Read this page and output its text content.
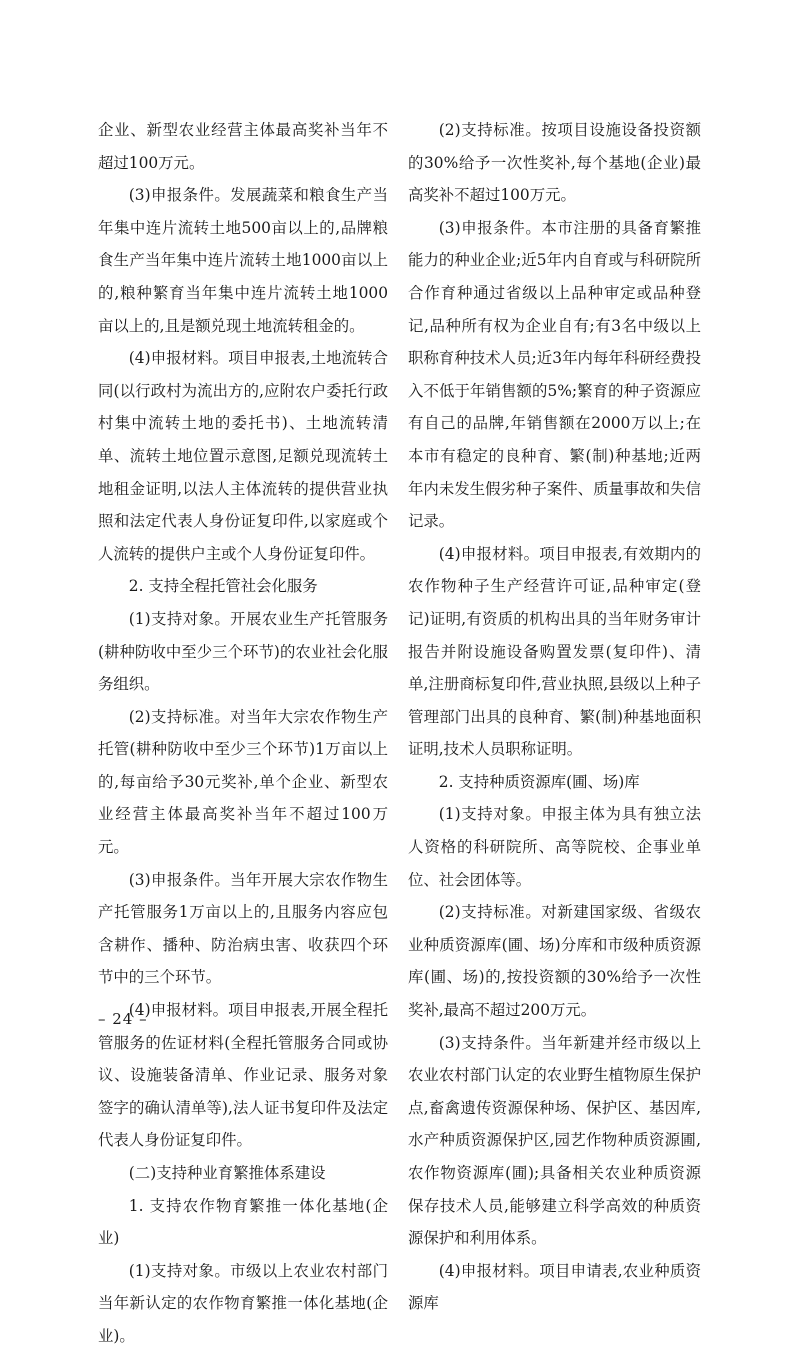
企业、新型农业经营主体最高奖补当年不超过100万元。

(3)申报条件。发展蔬菜和粮食生产当年集中连片流转土地500亩以上的,品牌粮食生产当年集中连片流转土地1000亩以上的,粮种繁育当年集中连片流转土地1000亩以上的,且是额兑现土地流转租金的。

(4)申报材料。项目申报表,土地流转合同(以行政村为流出方的,应附农户委托行政村集中流转土地的委托书)、土地流转清单、流转土地位置示意图,足额兑现流转土地租金证明,以法人主体流转的提供营业执照和法定代表人身份证复印件,以家庭或个人流转的提供户主或个人身份证复印件。

2. 支持全程托管社会化服务

(1)支持对象。开展农业生产托管服务(耕种防收中至少三个环节)的农业社会化服务组织。

(2)支持标准。对当年大宗农作物生产托管(耕种防收中至少三个环节)1万亩以上的,每亩给予30元奖补,单个企业、新型农业经营主体最高奖补当年不超过100万元。

(3)申报条件。当年开展大宗农作物生产托管服务1万亩以上的,且服务内容应包含耕作、播种、防治病虫害、收获四个环节中的三个环节。

(4)申报材料。项目申报表,开展全程托管服务的佐证材料(全程托管服务合同或协议、设施装备清单、作业记录、服务对象签字的确认清单等),法人证书复印件及法定代表人身份证复印件。

(二)支持种业育繁推体系建设

1. 支持农作物育繁推一体化基地(企业)

(1)支持对象。市级以上农业农村部门当年新认定的农作物育繁推一体化基地(企业)。

(2)支持标准。按项目设施设备投资额的30%给予一次性奖补,每个基地(企业)最高奖补不超过100万元。

(3)申报条件。本市注册的具备育繁推能力的种业企业;近5年内自育或与科研院所合作育种通过省级以上品种审定或品种登记,品种所有权为企业自有;有3名中级以上职称育种技术人员;近3年内每年科研经费投入不低于年销售额的5%;繁育的种子资源应有自己的品牌,年销售额在2000万以上;在本市有稳定的良种育、繁(制)种基地;近两年内未发生假劣种子案件、质量事故和失信记录。

(4)申报材料。项目申报表,有效期内的农作物种子生产经营许可证,品种审定(登记)证明,有资质的机构出具的当年财务审计报告并附设施设备购置发票(复印件)、清单,注册商标复印件,营业执照,县级以上种子管理部门出具的良种育、繁(制)种基地面积证明,技术人员职称证明。

2. 支持种质资源库(圃、场)库

(1)支持对象。申报主体为具有独立法人资格的科研院所、高等院校、企事业单位、社会团体等。

(2)支持标准。对新建国家级、省级农业种质资源库(圃、场)分库和市级种质资源库(圃、场)的,按投资额的30%给予一次性奖补,最高不超过200万元。

(3)支持条件。当年新建并经市级以上农业农村部门认定的农业野生植物原生保护点,畜禽遗传资源保种场、保护区、基因库,水产种质资源保护区,园艺作物种质资源圃,农作物资源库(圃);具备相关农业种质资源保存技术人员,能够建立科学高效的种质资源保护和利用体系。

(4)申报材料。项目申请表,农业种质资源库

– 24 –
